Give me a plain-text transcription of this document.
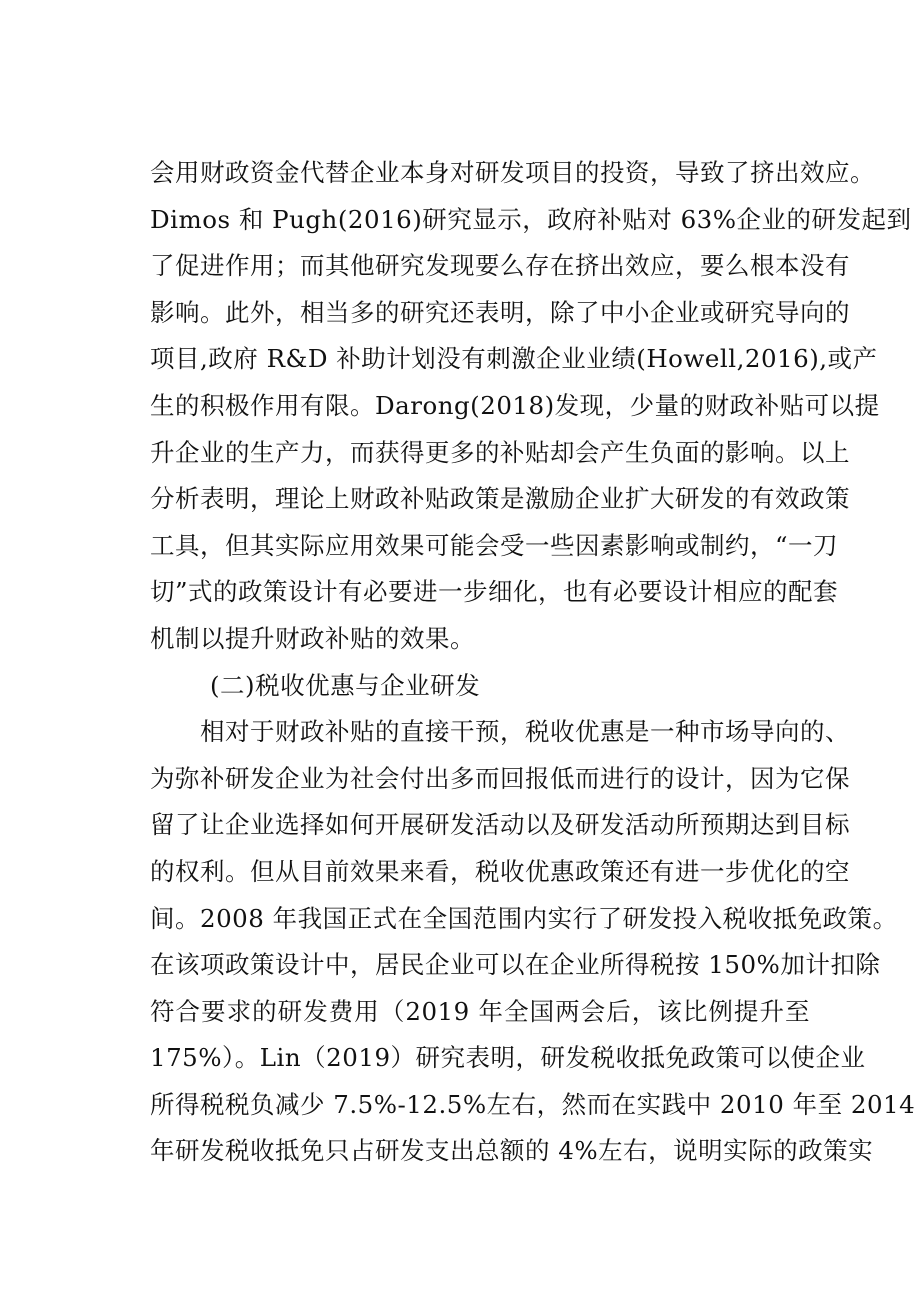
会用财政资金代替企业本身对研发项目的投资，导致了挤出效应。
Dimos 和 Pugh(2016)研究显示，政府补贴对 63%企业的研发起到
了促进作用；而其他研究发现要么存在挤出效应，要么根本没有
影响。此外，相当多的研究还表明，除了中小企业或研究导向的
项目,政府 R&D 补助计划没有刺激企业业绩(Howell,2016),或产
生的积极作用有限。Darong(2018)发现，少量的财政补贴可以提
升企业的生产力，而获得更多的补贴却会产生负面的影响。以上
分析表明，理论上财政补贴政策是激励企业扩大研发的有效政策
工具，但其实际应用效果可能会受一些因素影响或制约，“一刀
切”式的政策设计有必要进一步细化，也有必要设计相应的配套
机制以提升财政补贴的效果。
(二)税收优惠与企业研发
相对于财政补贴的直接干预，税收优惠是一种市场导向的、
为弥补研发企业为社会付出多而回报低而进行的设计，因为它保
留了让企业选择如何开展研发活动以及研发活动所预期达到目标
的权利。但从目前效果来看，税收优惠政策还有进一步优化的空
间。2008 年我国正式在全国范围内实行了研发投入税收抵免政策。
在该项政策设计中，居民企业可以在企业所得税按 150%加计扣除
符合要求的研发费用（2019 年全国两会后，该比例提升至
175%）。Lin（2019）研究表明，研发税收抵免政策可以使企业
所得税税负减少 7.5%-12.5%左右，然而在实践中 2010 年至 2014
年研发税收抵免只占研发支出总额的 4%左右，说明实际的政策实
